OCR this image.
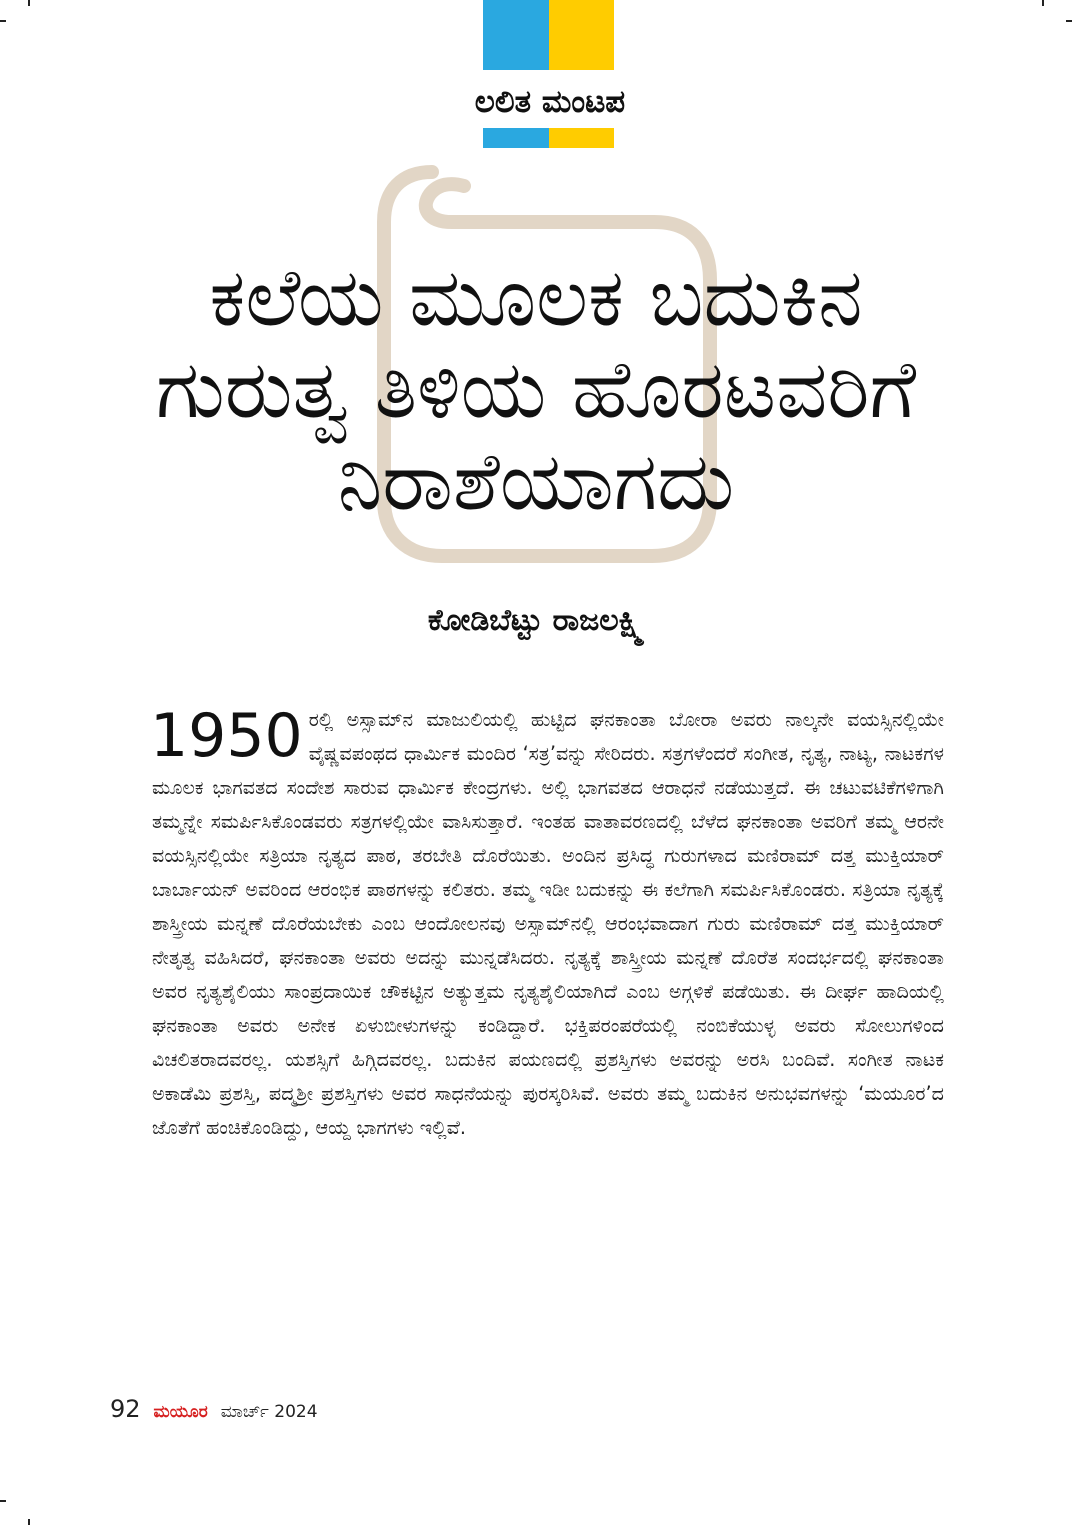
ಲಲಿತ ಮಂಟಪ
ಕಲೆಯ ಮೂಲಕ ಬದುಕಿನ
ಗುರುತ್ವ ತಿಳಿಯ ಹೊರಟವರಿಗೆ
ನಿರಾಶೆಯಾಗದು
ಕೋಡಿಬೆಟ್ಟು ರಾಜಲಕ್ಷ್ಮಿ
1950 ರಲ್ಲಿ ಅಸ್ಸಾಮ್‌ನ ಮಾಜುಲಿಯಲ್ಲಿ ಹುಟ್ಟಿದ ಘನಕಾಂತಾ ಬೋರಾ ಅವರು ನಾಲ್ಕನೇ ವಯಸ್ಸಿನಲ್ಲಿಯೇ ವೈಷ್ಣವಪಂಥದ ಧಾರ್ಮಿಕ ಮಂದಿರ ‘ಸತ್ರ’ವನ್ನು ಸೇರಿದರು. ಸತ್ರಗಳೆಂದರೆ ಸಂಗೀತ, ನೃತ್ಯ, ನಾಟ್ಯ, ನಾಟಕಗಳ ಮೂಲಕ ಭಾಗವತದ ಸಂದೇಶ ಸಾರುವ ಧಾರ್ಮಿಕ ಕೇಂದ್ರಗಳು. ಅಲ್ಲಿ ಭಾಗವತದ ಆರಾಧನೆ ನಡೆಯುತ್ತದೆ. ಈ ಚಟುವಟಿಕೆಗಳಿಗಾಗಿ ತಮ್ಮನ್ನೇ ಸಮರ್ಪಿಸಿಕೊಂಡವರು ಸತ್ರಗಳಲ್ಲಿಯೇ ವಾಸಿಸುತ್ತಾರೆ. ಇಂತಹ ವಾತಾವರಣದಲ್ಲಿ ಬೆಳೆದ ಘನಕಾಂತಾ ಅವರಿಗೆ ತಮ್ಮ ಆರನೇ ವಯಸ್ಸಿನಲ್ಲಿಯೇ ಸತ್ರಿಯಾ ನೃತ್ಯದ ಪಾಠ, ತರಬೇತಿ ದೊರೆಯಿತು. ಅಂದಿನ ಪ್ರಸಿದ್ಧ ಗುರುಗಳಾದ ಮಣಿರಾಮ್ ದತ್ತ ಮುಕ್ತಿಯಾರ್ ಬಾರ್ಬಾಯನ್ ಅವರಿಂದ ಆರಂಭಿಕ ಪಾಠಗಳನ್ನು ಕಲಿತರು. ತಮ್ಮ ಇಡೀ ಬದುಕನ್ನು ಈ ಕಲೆಗಾಗಿ ಸಮರ್ಪಿಸಿಕೊಂಡರು. ಸತ್ರಿಯಾ ನೃತ್ಯಕ್ಕೆ ಶಾಸ್ತ್ರೀಯ ಮನ್ನಣೆ ದೊರೆಯಬೇಕು ಎಂಬ ಆಂದೋಲನವು ಅಸ್ಸಾಮ್‌ನಲ್ಲಿ ಆರಂಭವಾದಾಗ ಗುರು ಮಣಿರಾಮ್ ದತ್ತ ಮುಕ್ತಿಯಾರ್ ನೇತೃತ್ವ ವಹಿಸಿದರೆ, ಘನಕಾಂತಾ ಅವರು ಅದನ್ನು ಮುನ್ನಡೆಸಿದರು. ನೃತ್ಯಕ್ಕೆ ಶಾಸ್ತ್ರೀಯ ಮನ್ನಣೆ ದೊರೆತ ಸಂದರ್ಭದಲ್ಲಿ ಘನಕಾಂತಾ ಅವರ ನೃತ್ಯಶೈಲಿಯು ಸಾಂಪ್ರದಾಯಿಕ ಚೌಕಟ್ಟಿನ ಅತ್ಯುತ್ತಮ ನೃತ್ಯಶೈಲಿಯಾಗಿದೆ ಎಂಬ ಅಗ್ಗಳಿಕೆ ಪಡೆಯಿತು. ಈ ದೀರ್ಘ ಹಾದಿಯಲ್ಲಿ ಘನಕಾಂತಾ ಅವರು ಅನೇಕ ಏಳುಬೀಳುಗಳನ್ನು ಕಂಡಿದ್ದಾರೆ. ಭಕ್ತಿಪರಂಪರೆಯಲ್ಲಿ ನಂಬಿಕೆಯುಳ್ಳ ಅವರು ಸೋಲುಗಳಿಂದ ವಿಚಲಿತರಾದವರಲ್ಲ. ಯಶಸ್ಸಿಗೆ ಹಿಗ್ಗಿದವರಲ್ಲ. ಬದುಕಿನ ಪಯಣದಲ್ಲಿ ಪ್ರಶಸ್ತಿಗಳು ಅವರನ್ನು ಅರಸಿ ಬಂದಿವೆ. ಸಂಗೀತ ನಾಟಕ ಅಕಾಡೆಮಿ ಪ್ರಶಸ್ತಿ, ಪದ್ಮಶ್ರೀ ಪ್ರಶಸ್ತಿಗಳು ಅವರ ಸಾಧನೆಯನ್ನು ಪುರಸ್ಕರಿಸಿವೆ. ಅವರು ತಮ್ಮ ಬದುಕಿನ ಅನುಭವಗಳನ್ನು ‘ಮಯೂರ’ದ ಜೊತೆಗೆ ಹಂಚಿಕೊಂಡಿದ್ದು, ಆಯ್ದ ಭಾಗಗಳು ಇಲ್ಲಿವೆ.
92 ಮಯೂರ ಮಾರ್ಚ್ 2024
